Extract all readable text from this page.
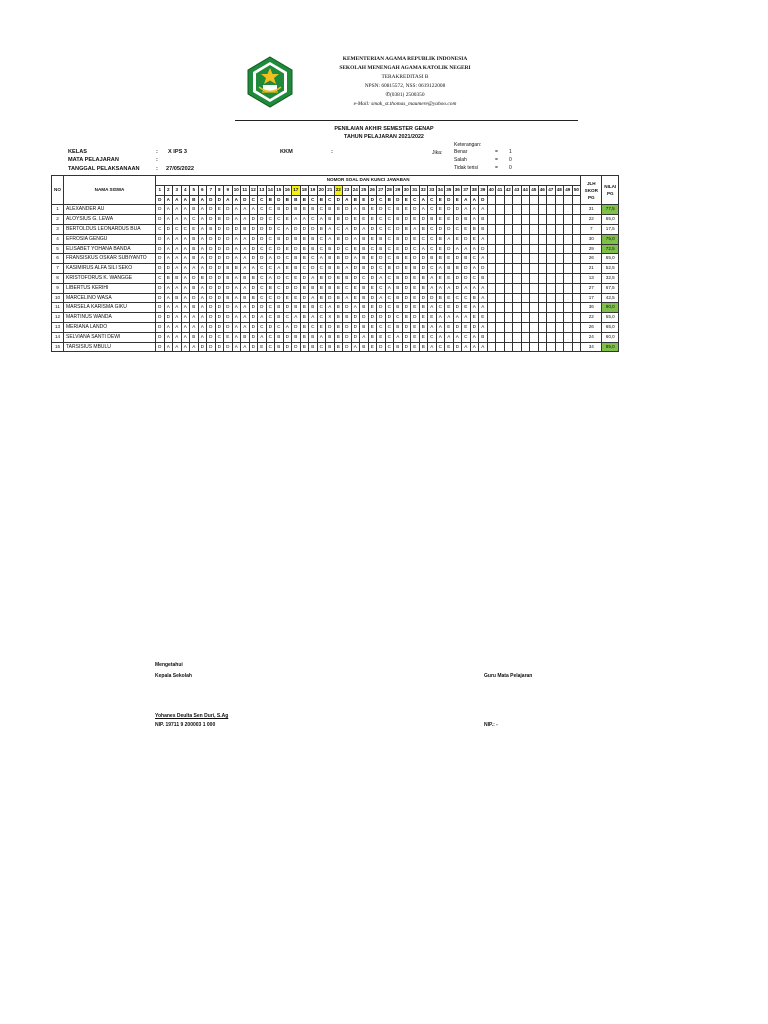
KEMENTERIAN AGAMA REPUBLIK INDONESIA
SEKOLAH MENENGAH AGAMA KATOLIK NEGERI
TERAKREDITASI B
NPSN: 60815572, NSS: 0619122008
✆(0381) 2500350
e-Mail: smak_st.thomas_maumere@yahoo.com
PENILAIAN AKHIR SEMESTER GENAP
TAHUN PELAJARAN 2021/2022
KELAS	: X IPS 3
MATA PELAJARAN	:
TANGGAL PELAKSANAAN	: 27/05/2022
KKM	:	Jika:
Keterangan:
Benar	= 1
Salah	= 0
Tidak terisi	= 0
NO	NAMA SISWA	NOMOR SOAL DAN KUNCI JAWABAN																																																		JLH SKOR PG	NILAI PG
		1	2	3	4	5	6	7	8	9	10	11	12	13	14	15	16	17	18	19	20	21	22	23	24	25	26	27	28	29	30	31	32	33	34	35	36	37	38	39	40	41	42	43	44	45	46	47	48	49	50		
		D	A	A	A	B	A	D	D	A	A	D	C	C	B	D	B	B	B	C	B	C	D	A	B	E	D	C	B	D	E	C	A	C	E	D	E	A	A	D													
1	ALEXANDER AU	D	A	A	A	B	A	D	E	D	A	A	A	C	C	B	D	B	B	B	C	B	B	D	A	B	E	D	C	B	E	D	A	C	E	D	D	A	A	A												31	77,5
2	ALOYSIUS G. LEWA	D	A	A	A	C	A	D	B	D	A	A	D	D	C	C	E	A	A	C	A	B	B	D	E	E	E	C	C	B	D	E	D	B	E	E	D	B	A	B												22	55,0
3	BERTOLDUS LEONARDUS BUA	C	D	C	C	E	A	B	D	D	D	B	D	D	D	C	A	D	D	D	B	A	C	A	D	A	D	C	C	D	B	A	B	C	D	D	C	E	B	B												7	17,5
4	EFROSIA GENGU	D	A	A	A	B	A	D	D	D	A	A	D	D	C	B	D	B	B	B	C	A	B	D	A	B	E	B	C	B	D	E	C	C	B	A	E	D	E	A												30	75,0
5	ELISABET YOHANA BANDA	D	A	A	A	B	A	D	D	D	A	A	D	C	C	D	E	D	B	B	C	B	D	C	E	B	C	B	C	E	D	C	A	C	E	D	A	A	A	D												29	72,5
6	FRANSISKUS OSKAR SUBIYANTO	D	A	A	A	B	A	D	D	D	A	A	D	D	A	D	C	B	B	C	A	B	B	D	A	B	E	D	C	B	E	D	D	B	B	E	D	B	C	A												26	65,0
7	KASIMIRUS ALFA SILI SEKO	D	D	A	A	A	A	D	D	B	B	A	A	C	C	A	E	B	C	D	C	B	B	A	D	B	D	C	B	D	E	B	D	C	A	B	B	D	A	D												21	52,5
8	KRISTOFORUS K. WANGGE	C	B	B	A	D	B	D	D	B	A	B	B	C	A	D	C	E	D	A	B	D	B	B	D	C	D	A	C	B	D	E	B	A	E	E	D	D	C	B												13	32,5
9	LIBERTUS KERIHI	D	A	A	A	B	A	D	D	D	A	A	D	C	B	C	D	D	B	B	B	B	B	C	E	B	E	C	A	B	D	E	B	A	A	A	D	A	A	A												27	67,5
10	MARCELINO WASA	D	A	B	A	D	A	D	D	B	A	B	B	C	C	D	E	E	D	A	B	D	B	A	E	B	D	A	C	B	D	E	D	D	B	E	C	C	B	A												17	42,5
11	MARSELA KARISMA GIKU	D	A	A	A	B	A	D	D	D	A	A	D	D	C	B	D	B	B	B	C	A	B	D	A	B	E	D	C	B	D	E	B	A	C	E	D	E	A	A												36	90,0
12	MARTINUS WANDA	D	D	A	A	A	A	D	D	D	A	A	D	A	C	B	C	A	B	A	C	X	B	B	D	D	D	D	D	C	B	D	E	E	A	A	A	A	E	E												22	55,0
13	MERIANA LANDO	D	A	A	A	A	A	D	D	D	A	A	D	C	D	C	A	D	B	C	E	D	B	D	D	B	E	C	C	B	D	E	B	A	A	E	D	E	D	A												26	65,0
14	SELVIANA SANTI DEWI	D	A	A	A	B	A	D	C	E	A	B	D	A	C	B	D	B	B	B	A	B	B	D	D	A	B	E	C	A	D	E	E	C	A	A	A	C	A	B												24	60,0
15	TARSISIUS MBULU	D	A	A	A	A	D	D	D	D	A	A	D	E	C	B	D	D	B	B	C	B	B	D	A	B	E	D	C	B	D	E	B	A	C	E	D	A	A	A												34	85,0
Mengetahui
Kepala Sekolah	Guru Mata Pelajaran
Yohanes Deulta Sen Duri, S.Ag
NIP. 19711 9 200003 1 000	NIP.: -
